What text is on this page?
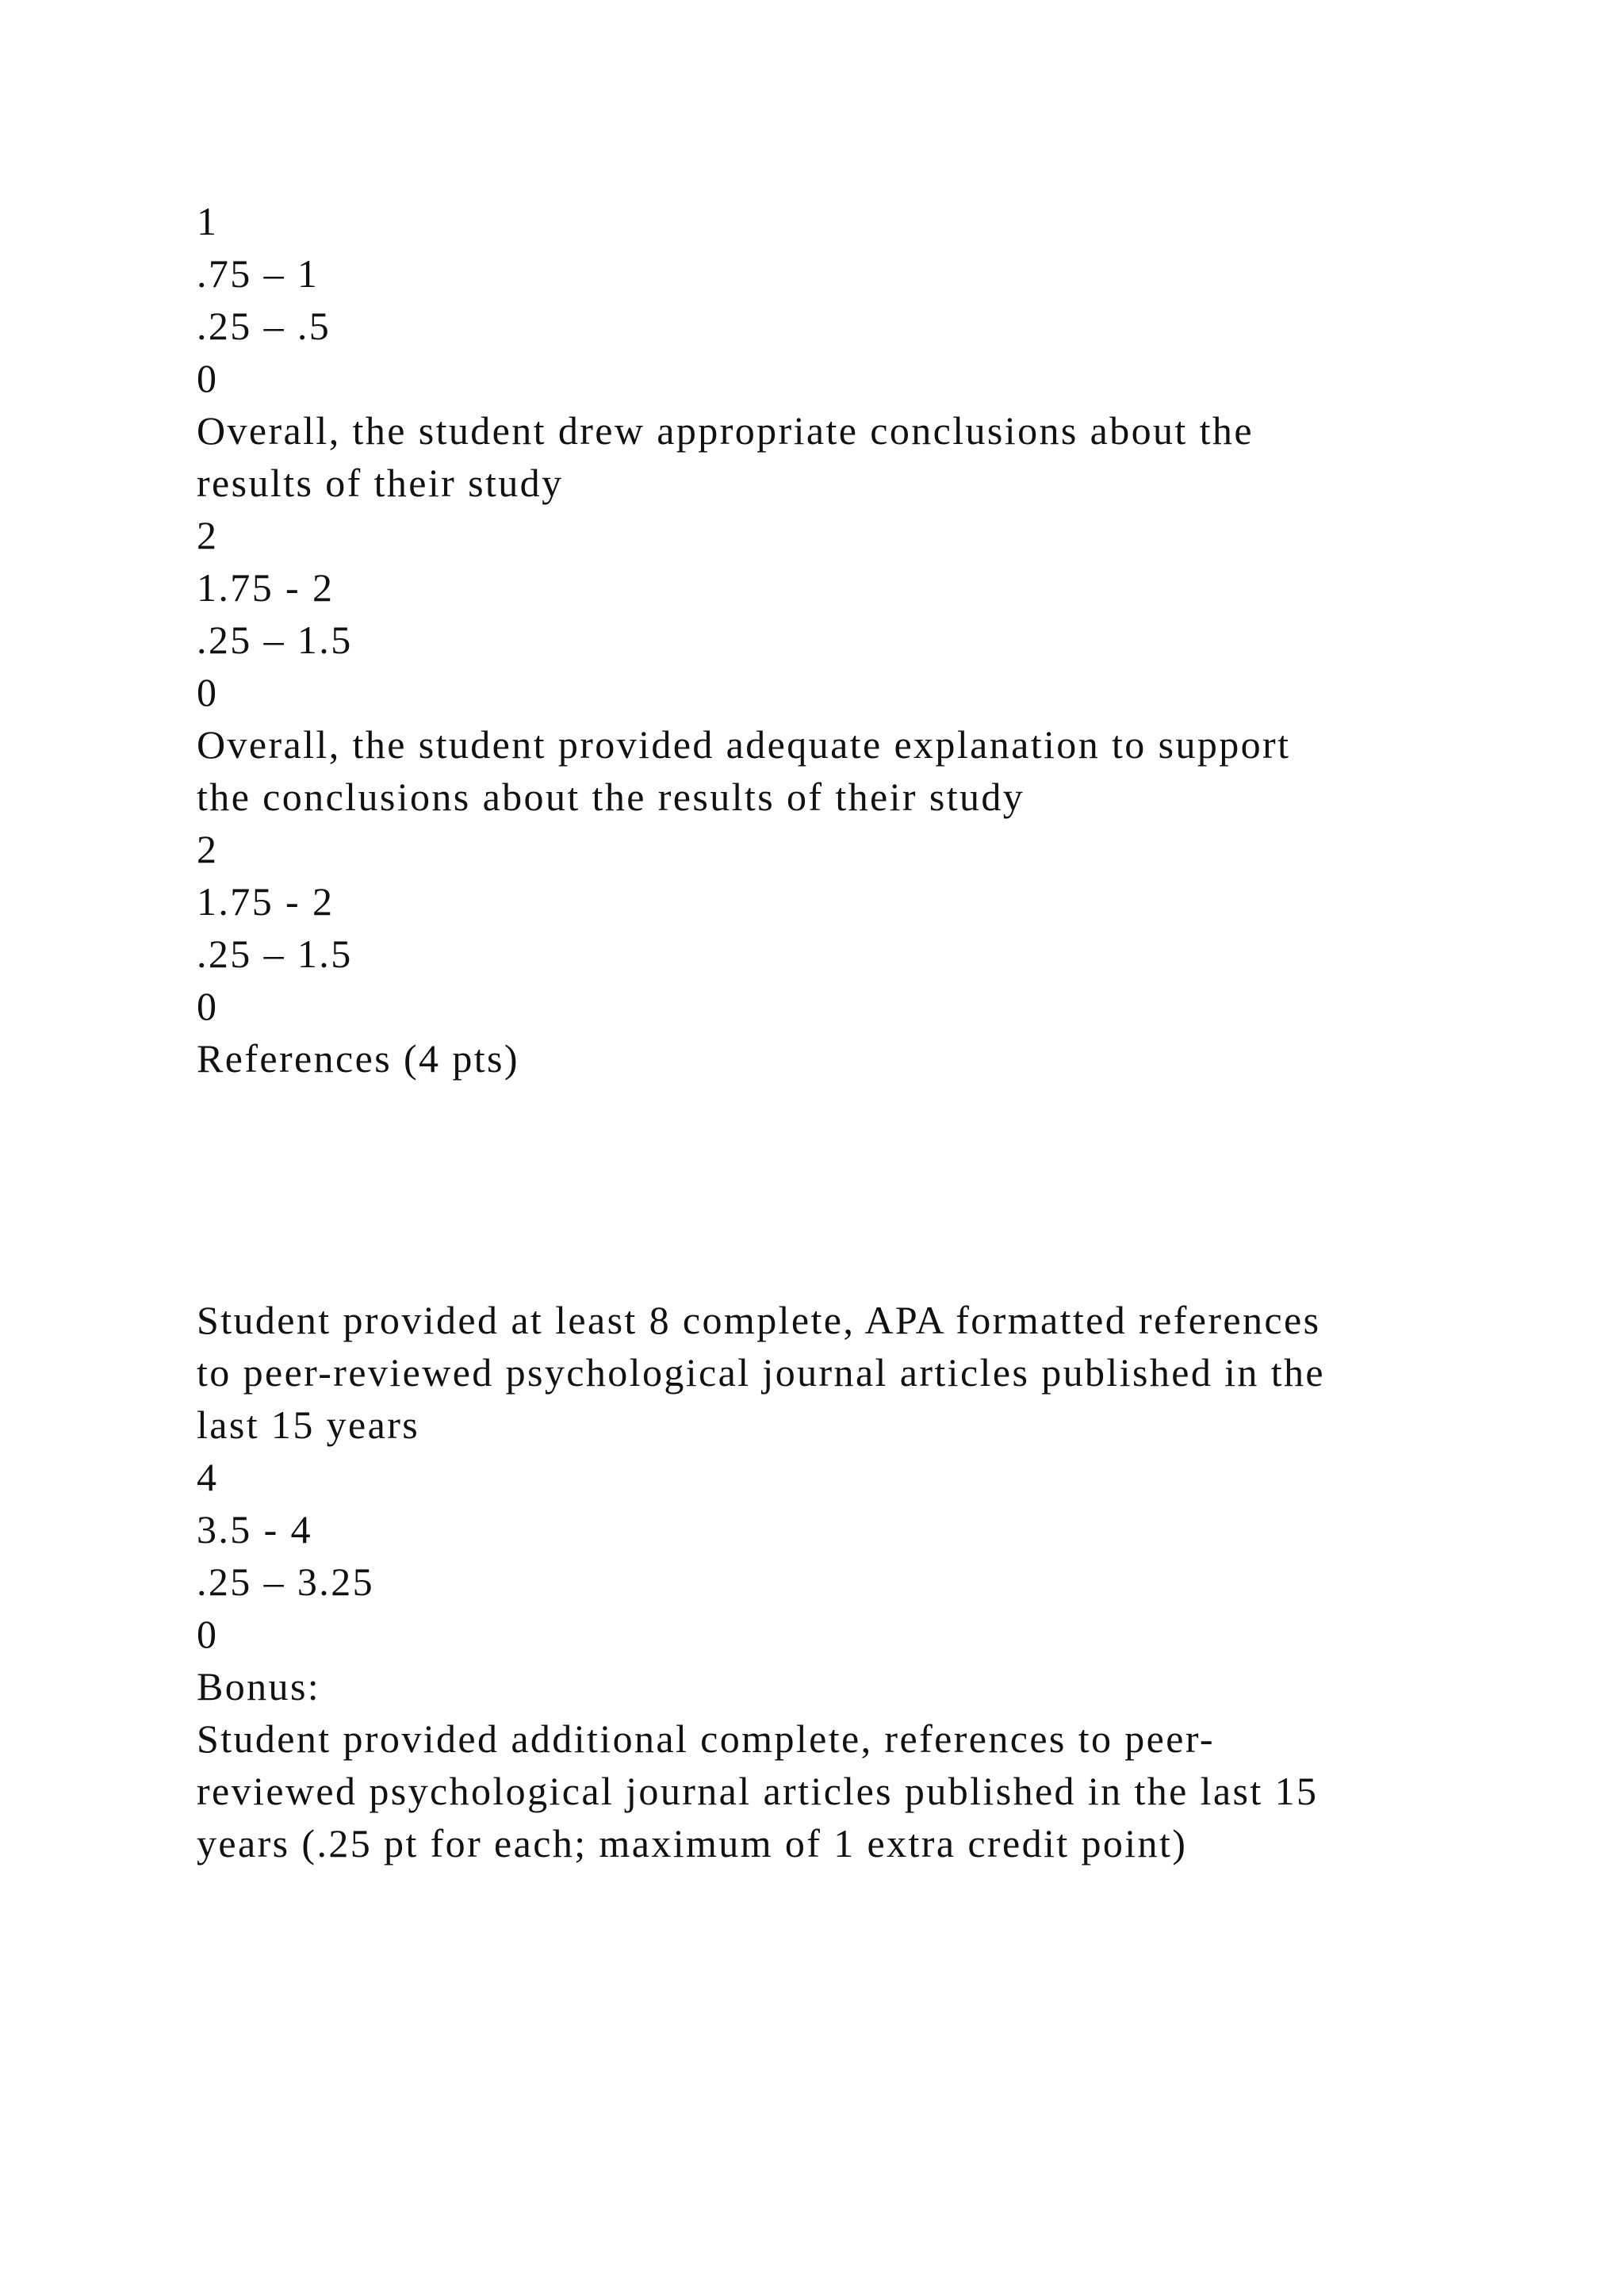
1
.75 – 1
.25 – .5
0
Overall, the student drew appropriate conclusions about the
results of their study
2
1.75 - 2
.25 – 1.5
0
Overall, the student provided adequate explanation to support
the conclusions about the results of their study
2
1.75 - 2
.25 – 1.5
0
References (4 pts)
Student provided at least 8 complete, APA formatted references
to peer-reviewed psychological journal articles published in the
last 15 years
4
3.5 - 4
.25 – 3.25
0
Bonus:
Student provided additional complete, references to peer-
reviewed psychological journal articles published in the last 15
years (.25 pt for each; maximum of 1 extra credit point)
